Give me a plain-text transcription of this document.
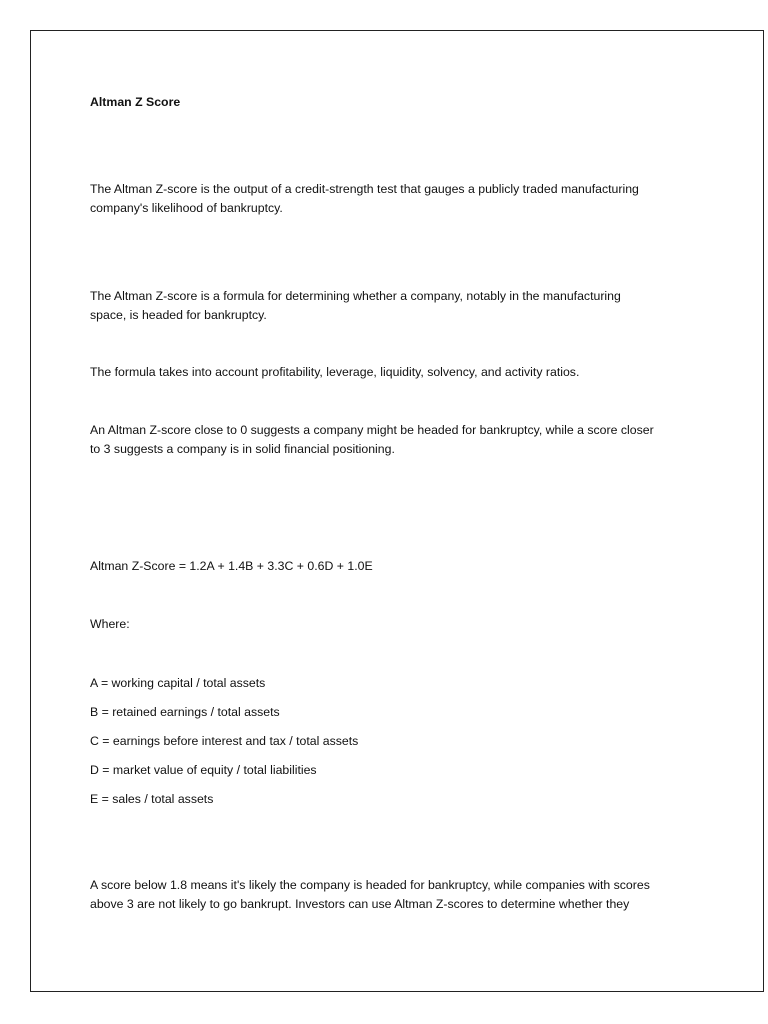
Altman Z Score

The Altman Z-score is the output of a credit-strength test that gauges a publicly traded manufacturing

company's likelihood of bankruptcy.

The Altman Z-score is a formula for determining whether a company, notably in the manufacturing

space, is headed for bankruptcy.

The formula takes into account profitability, leverage, liquidity, solvency, and activity ratios.

An Altman Z-score close to 0 suggests a company might be headed for bankruptcy, while a score closer

to 3 suggests a company is in solid financial positioning.

Altman Z-Score = 1.2A + 1.4B + 3.3C + 0.6D + 1.0E

Where:

A = working capital / total assets

B = retained earnings / total assets

C = earnings before interest and tax / total assets

D = market value of equity / total liabilities

E = sales / total assets

A score below 1.8 means it's likely the company is headed for bankruptcy, while companies with scores

above 3 are not likely to go bankrupt. Investors can use Altman Z-scores to determine whether they
